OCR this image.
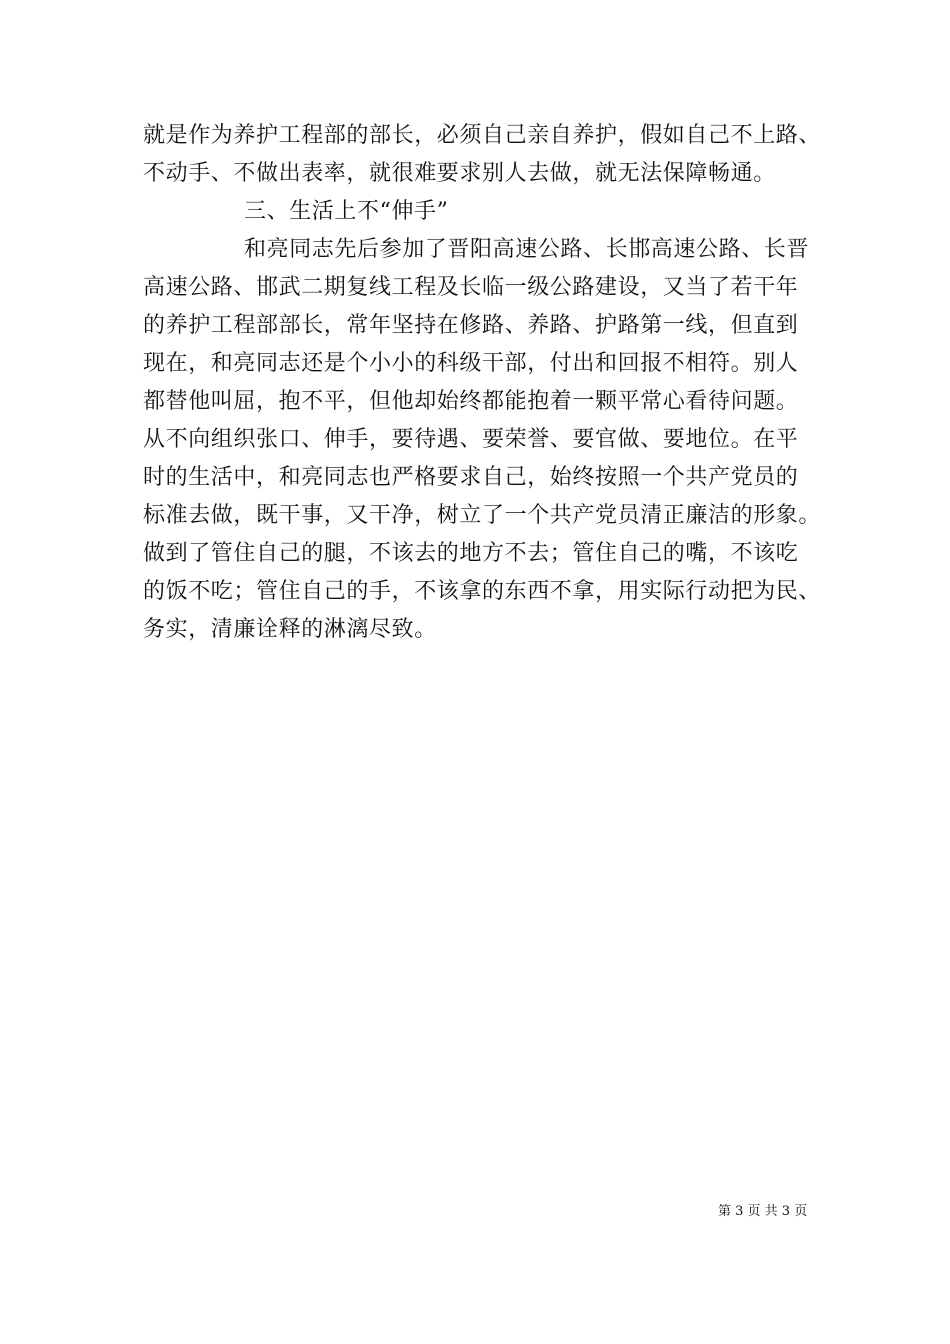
就是作为养护工程部的部长，必须自己亲自养护，假如自己不上路、
不动手、不做出表率，就很难要求别人去做，就无法保障畅通。
三、生活上不“伸手”
和亮同志先后参加了晋阳高速公路、长邯高速公路、长晋
高速公路、邯武二期复线工程及长临一级公路建设，又当了若干年
的养护工程部部长，常年坚持在修路、养路、护路第一线，但直到
现在，和亮同志还是个小小的科级干部，付出和回报不相符。别人
都替他叫屈，抱不平，但他却始终都能抱着一颗平常心看待问题。
从不向组织张口、伸手，要待遇、要荣誉、要官做、要地位。在平
时的生活中，和亮同志也严格要求自己，始终按照一个共产党员的
标准去做，既干事，又干净，树立了一个共产党员清正廉洁的形象。
做到了管住自己的腿，不该去的地方不去；管住自己的嘴，不该吃
的饭不吃；管住自己的手，不该拿的东西不拿，用实际行动把为民、
务实，清廉诠释的淋漓尽致。
第 3 页 共 3 页
